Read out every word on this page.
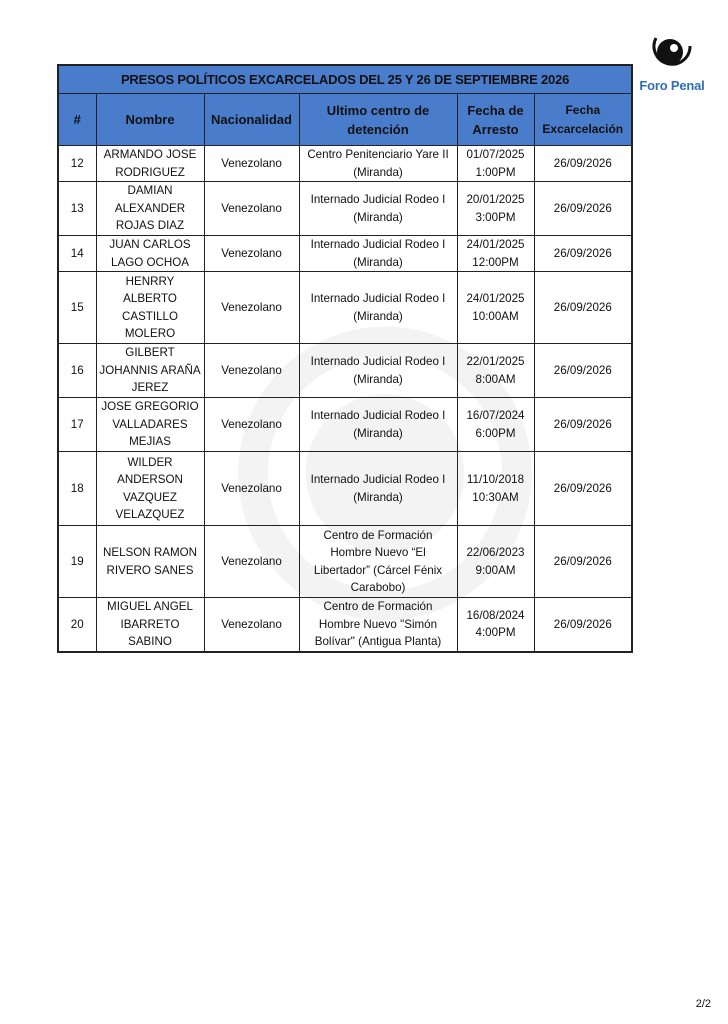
Foro Penal
PRESOS POLÍTICOS EXCARCELADOS DEL 25 Y 26 DE SEPTIEMBRE 2026					
#	Nombre	Nacionalidad	Ultimo centro de detención	Fecha de Arresto	Fecha Excarcelación
12	ARMANDO JOSE RODRIGUEZ	Venezolano	Centro Penitenciario Yare II (Miranda)	01/07/2025 1:00PM	26/09/2026
13	DAMIAN ALEXANDER ROJAS DIAZ	Venezolano	Internado Judicial Rodeo I (Miranda)	20/01/2025 3:00PM	26/09/2026
14	JUAN CARLOS LAGO OCHOA	Venezolano	Internado Judicial Rodeo I (Miranda)	24/01/2025 12:00PM	26/09/2026
15	HENRRY ALBERTO CASTILLO MOLERO	Venezolano	Internado Judicial Rodeo I (Miranda)	24/01/2025 10:00AM	26/09/2026
16	GILBERT JOHANNIS ARAÑA JEREZ	Venezolano	Internado Judicial Rodeo I (Miranda)	22/01/2025 8:00AM	26/09/2026
17	JOSE GREGORIO VALLADARES MEJIAS	Venezolano	Internado Judicial Rodeo I (Miranda)	16/07/2024 6:00PM	26/09/2026
18	WILDER ANDERSON VAZQUEZ VELAZQUEZ	Venezolano	Internado Judicial Rodeo I (Miranda)	11/10/2018 10:30AM	26/09/2026
19	NELSON RAMON RIVERO SANES	Venezolano	Centro de Formación Hombre Nuevo “El Libertador” (Cárcel Fénix Carabobo)	22/06/2023 9:00AM	26/09/2026
20	MIGUEL ANGEL IBARRETO SABINO	Venezolano	Centro de Formación Hombre Nuevo "Simón Bolívar" (Antigua Planta)	16/08/2024 4:00PM	26/09/2026
2/2
